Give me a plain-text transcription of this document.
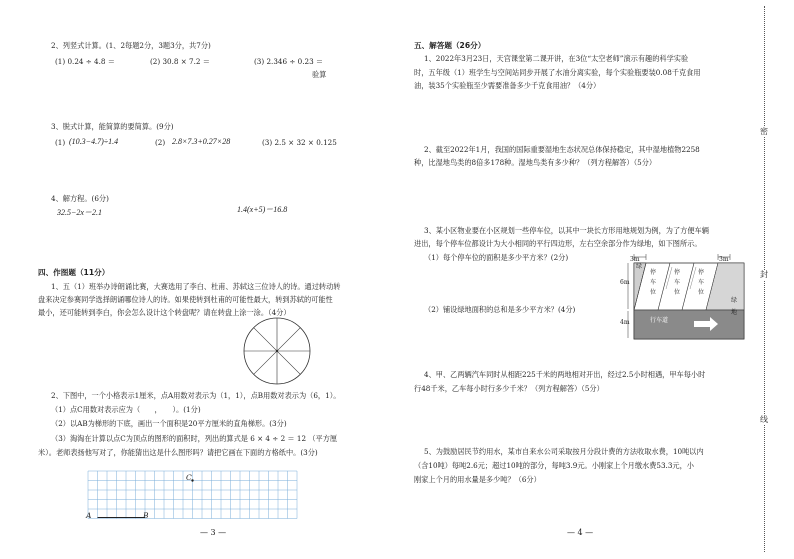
2、列竖式计算。(1、2每题2分，3题3分，共7分)
(1) 0.24 ÷ 4.8 ＝	(2) 30.8 × 7.2 ＝	(3) 2.346 ÷ 0.23 ＝
验算
3、脱式计算，能简算的要简算。(9分)
(1) (10.3−4.7)÷1.4	(2) 2.8×7.3+0.27×28	(3) 2.5 × 32 × 0.125
4、解方程。(6分)
32.5−2x＝2.1	1.4(x+5)＝16.8
四、作图题（11分）
1、五（1）班举办诗朗诵比赛，大赛选用了李白、杜甫、苏轼这三位诗人的诗。通过转动转
盘来决定参赛同学选择朗诵哪位诗人的诗。如果使转到杜甫的可能性最大，转到苏轼的可能性
最小，还可能转到李白，你会怎么设计这个转盘呢？请在转盘上涂一涂。（4分）
2、下图中，一个小格表示1厘米，点A用数对表示为（1，1），点B用数对表示为（6，1）。
（1）点C用数对表示应为（　　，　　）。(1分)
（2）以AB为梯形的下底，画出一个面积是20平方厘米的直角梯形。(3分)
（3）淘淘在计算以点C为顶点的图形的面积时，列出的算式是 6 × 4 ÷ 2 ＝ 12 （平方厘
米）。老师表扬他写对了，你能猜出这是什么图形吗？请把它画在下面的方格纸中。(3分)
A	B
C
— 3 —
五、解答题（26分）
1、2022年3月23日，天宫课堂第二课开讲，在3位“太空老师”演示有趣的科学实验
时，五年级（1）班学生与空间站同步开展了水油分离实验，每个实验瓶要装0.08千克食用
油，装35个实验瓶至少需要准备多少千克食用油？（4分）
2、截至2022年1月，我国的国际重要湿地生态状况总体保持稳定，其中湿地植物2258
种，比湿地鸟类的8倍多178种。湿地鸟类有多少种？（列方程解答）（5分）
3、某小区物业要在小区规划一些停车位，以其中一块长方形用地规划为例，为了方便车辆
进出，每个停车位都设计为大小相同的平行四边形，左右空余部分作为绿地，如下图所示。
（1）每个停车位的面积是多少平方米？(2分)
（2）铺设绿地面积的总和是多少平方米？(4分)
3m	3m
6m
4m
绿
停
车
位
停
车
位
停
车
位
绿
地
行车道
4、甲、乙两辆汽车同时从相距225千米的两地相对开出，经过2.5小时相遇，甲车每小时
行48千米，乙车每小时行多少千米？（列方程解答）（5分）
5、为鼓励居民节约用水，某市自来水公司采取按月分段计费的方法收取水费，10吨以内
（含10吨）每吨2.6元；超过10吨的部分，每吨3.9元。小刚家上个月缴水费53.3元，小
刚家上个月的用水量是多少吨？（6分）
— 4 —
密
封
线
